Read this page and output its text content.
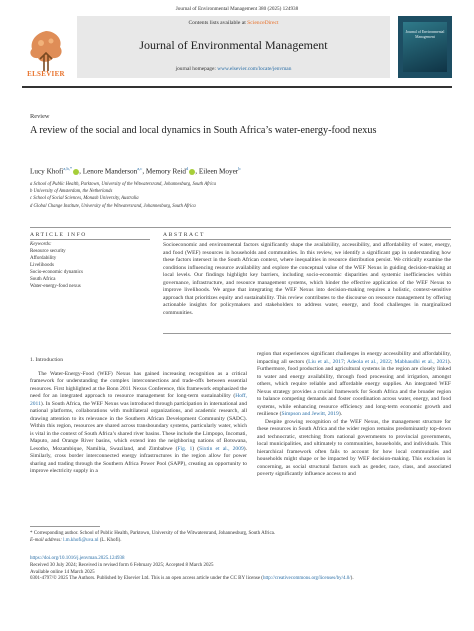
Journal of Environmental Management 380 (2025) 124938
Contents lists available at ScienceDirect
Journal of Environmental Management
journal homepage: www.elsevier.com/locate/jenvman
ELSEVIER
Journal of Environmental Management
Review
A review of the social and local dynamics in South Africa’s water-energy-food nexus
Lucy Khofi$^{a,b,*}$ , Lenore Manderson$^{a,c}$, Memory Reid$^d$ , Eileen Moyer$^b$
a School of Public Health, Parktown, University of the Witwatersrand, Johannesburg, South Africa
b University of Amsterdam, the Netherlands
c School of Social Sciences, Monash University, Australia
d Global Change Institute, University of the Witwatersrand, Johannesburg, South Africa
ARTICLE INFO	ABSTRACT
Keywords:
Resource security
Affordability
Livelihoods
Socio-economic dynamics
South Africa
Water-energy-food nexus
Socioeconomic and environmental factors significantly shape the availability, accessibility, and affordability of water, energy, and food (WEF) resources in households and communities. In this review, we identify a significant gap in understanding how these factors intersect in the South African context, where inequalities in resource distribution persist. We critically examine the conditions influencing resource availability and explore the conceptual value of the WEF Nexus in guiding decision-making at local levels. Our findings highlight key barriers, including socio-economic disparities and systemic inefficiencies within governance, infrastructure, and resource management systems, which hinder the effective application of the WEF Nexus to improve livelihoods. We argue that integrating the WEF Nexus into decision-making requires a holistic, context-sensitive approach that prioritizes equity and sustainability. This review contributes to the discourse on resource management by offering actionable insights for policymakers and stakeholders to address water, energy, and food challenges in marginalized communities.
1. Introduction
The Water-Energy-Food (WEF) Nexus has gained increasing recognition as a critical framework for understanding the complex interconnections and trade-offs between essential resources. First highlighted at the Bonn 2011 Nexus Conference, this framework emphasized the need for an integrated approach to resource management for long-term sustainability (Hoff, 2011). In South Africa, the WEF Nexus was introduced through participation in international and national platforms, collaborations with multilateral organizations, and academic research, all drawing attention to its relevance in the Southern African Development Community (SADC). Within this region, resources are shared across transboundary systems, particularly water, which is vital in the context of South Africa’s shared river basins. These include the Limpopo, Incomati, Maputo, and Orange River basins, which extend into the neighboring nations of Botswana, Lesotho, Mozambique, Namibia, Swaziland, and Zimbabwe (Fig. 1) (Sixtin et al., 2009). Similarly, cross border interconnected energy infrastructures in the region allow for power sharing and trading through the Southern Africa Power Pool (SAPP), creating an opportunity to improve electricity supply in a
region that experiences significant challenges in energy accessibility and affordability, impacting all sectors (Liu et al., 2017; Adeola et al., 2022; Mabhaudhi et al., 2021). Furthermore, food production and agricultural systems in the region are closely linked to water and energy availability, through food processing and irrigation, amongst others, which require reliable and affordable energy supplies. An integrated WEF Nexus strategy provides a crucial framework for South Africa and the broader region to balance competing demands and foster coordination across water, energy, and food systems, while enhancing resource efficiency and long-term economic growth and resilience (Simpson and Jewitt, 2019).
Despite growing recognition of the WEF Nexus, the management structure for these resources in South Africa and the wider region remains predominantly top-down and technocratic, stretching from national governments to provincial governments, local municipalities, and ultimately to communities, households, and individuals. This hierarchical framework often fails to account for how local communities and households might shape or be impacted by WEF decision-making. This exclusion is concerning, as social structural factors such as gender, race, class, and associated poverty significantly influence access to and
* Corresponding author. School of Public Health, Parktown, University of the Witwatersrand, Johannesburg, South Africa.
E-mail address: l.m.khofi@uva.nl (L. Khofi).
https://doi.org/10.1016/j.jenvman.2025.124938
Received 30 July 2024; Received in revised form 6 February 2025; Accepted 8 March 2025
Available online 14 March 2025
0301-4797/© 2025 The Authors. Published by Elsevier Ltd. This is an open access article under the CC BY license (http://creativecommons.org/licenses/by/4.0/).
